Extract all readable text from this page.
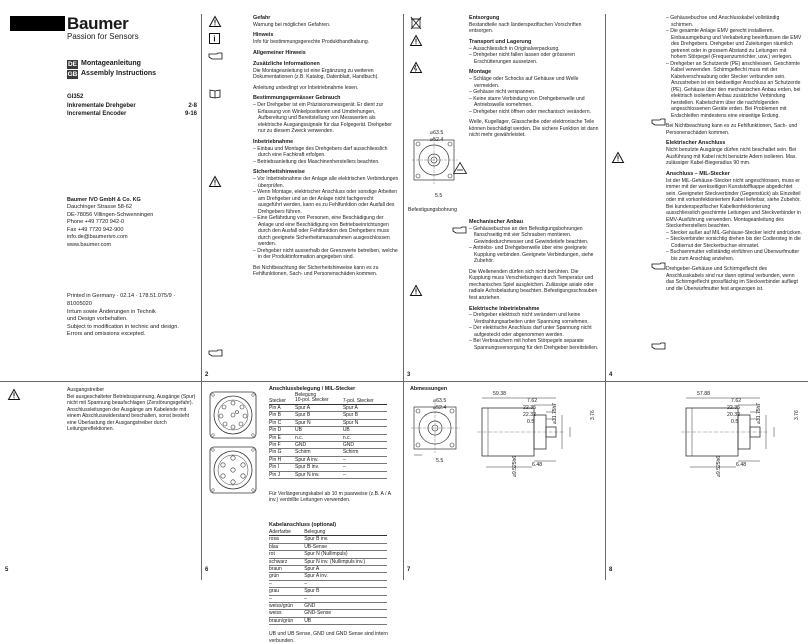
2	3	4
5	6	7	8
Baumer
Passion for Sensors
DE Montageanleitung
GB Assembly Instructions
GI352
Inkrementale Drehgeber	2-8
Incremental Encoder	9-16
Baumer IVO GmbH & Co. KG
Dauchinger Strasse 58-62
DE-78056 Villingen-Schwenningen
Phone +49 7720 942-0
Fax +49 7720 942-900
info.de@baumerivo.com
www.baumer.com
Printed in Germany · 02.14 · 178.51.075/9 · 81005020
Irrtum sowie Änderungen in Technik
und Design vorbehalten.
Subject to modification in technic and design.
Errors and omissions excepted.
Gefahr
Warnung bei möglichen Gefahren.
Hinweis
Info für bestimmungsgerechte Produkthandhabung.
Allgemeiner Hinweis
Zusätzliche Informationen
Die Montageanleitung ist eine Ergänzung zu weiteren Dokumentationen (z.B. Katalog, Datenblatt, Handbuch).
Anleitung unbedingt vor Inbetriebnahme lesen.
Bestimmungsgemässer Gebrauch
– Der Drehgeber ist ein Präzisionsmessgerät. Er dient zur Erfassung von Winkelpositionen und Umdrehungen, Aufbereitung und Bereitstellung von Messwerten als elektrische Ausgangssignale für das Folgegerät. Drehgeber nur zu diesem Zweck verwenden.
Inbetriebnahme
– Einbau und Montage des Drehgebers darf ausschliesslich durch eine Fachkraft erfolgen.
– Betriebsanleitung des Maschinenherstellers beachten.
Sicherheitshinweise
– Vor Inbetriebnahme der Anlage alle elektrischen Verbindungen überprüfen.
– Wenn Montage, elektrischer Anschluss oder sonstige Arbeiten am Drehgeber und an der Anlage nicht fachgerecht ausgeführt werden, kann es zu Fehlfunktion oder Ausfall des Drehgebers führen.
– Eine Gefährdung von Personen, eine Beschädigung der Anlage und eine Beschädigung von Betriebseinrichtungen durch den Ausfall oder Fehlfunktion des Drehgebers muss durch geeignete Sicherheitsmassnahmen ausgeschlossen werden.
– Drehgeber nicht ausserhalb der Grenzwerte betreiben, welche in der Produktinformation angegeben sind.
Bei Nichtbeachtung der Sicherheitshinweise kann es zu Fehlfunktionen, Sach- und Personenschäden kommen.
i
Entsorgung
Bestandteile nach länderspezifischen Vorschriften entsorgen.
Transport und Lagerung
– Ausschliesslich in Originalverpackung.
– Drehgeber nicht fallen lassen oder grösseren Erschütterungen aussetzen.
Montage
– Schläge oder Schocks auf Gehäuse und Welle vermeiden.
– Gehäuse nicht verspannen.
– Keine starre Verbindung von Drehgeberwelle und Antriebswelle vornehmen.
– Drehgeber nicht öffnen oder mechanisch verändern.
Welle, Kugellager, Glasscheibe oder elektronische Teile können beschädigt werden. Die sichere Funktion ist dann nicht mehr gewährleistet.
Mechanischer Anbau
– Gehäusebuchse an den Befestigungsbohrungen flanschseitig mit vier Schrauben montieren. Gewindedurchmesser und Gewindetiefe beachten.
– Antriebs- und Drehgeberwelle über eine geeignete Kupplung verbinden. Geeignete Verbindungen, siehe Zubehör.
Die Wellenenden dürfen sich nicht berühren. Die Kupplung muss Verschiebungen durch Temperatur und mechanisches Spiel ausgleichen. Zulässige axiale oder radiale Achsbelastung beachten. Befestigungsschrauben fest anziehen.
Elektrische Inbetriebnahme
– Drehgeber elektrisch nicht verändern und keine Verdrahtungsarbeiten unter Spannung vornehmen.
– Der elektrische Anschluss darf unter Spannung nicht aufgesteckt oder abgenommen werden.
– Bei Verbrauchern mit hohen Störpegeln separate Spannungsversorgung für den Drehgeber bereitstellen.
⌀63.5
⌀52.4
5.5
Befestigungsbohrung
– Gehäusebuchse und Anschlusskabel vollständig schirmen.
– Die gesamte Anlage EMV gerecht installieren. Einbauumgebung und Verkabelung beeinflussen die EMV des Drehgebers. Drehgeber und Zuleitungen räumlich getrennt oder in grossem Abstand zu Leitungen mit hohem Störpegel (Frequenzumrichter, usw.) verlegen.
– Drehgeber an Schutzerde (PE) anschliessen. Geschirmte Kabel verwenden. Schirmgeflecht muss mit der Kabelverschraubung oder Stecker verbunden sein. Anzustreben ist ein beidseitiger Anschluss an Schutzerde (PE). Gehäuse über den mechanischen Anbau erden, bei elektrisch isoliertem Anbau zusätzliche Verbindung herstellen. Kabelschirm über die nachfolgenden angeschlossenen Geräte erden. Bei Problemen mit Erdschleifen mindestens eine einseitige Erdung.
Bei Nichtbeachtung kann es zu Fehlfunktionen, Sach- und Personenschäden kommen.
Elektrischer Anschluss
Nicht benutzte Ausgänge dürfen nicht beschaltet sein. Bei Ausführung mit Kabel nicht benutzte Adern isolieren. Max. zulässiger Kabel-Biegeradius 90 mm.
Anschluss – MIL-Stecker
Ist der MIL-Gehäuse-Stecker nicht angeschlossen, muss er immer mit der werkseitigen Kunststoffkappe abgedichtet sein. Geeigneter Steckverbinder (Gegenstück) als Einzelteil oder mit vorkonfektioniertem Kabel lieferbar, siehe Zubehör. Bei kundenspezifischer Kabelkonfektionierung ausschliesslich geschirmte Leitungen und Steckverbinder in EMV-Ausführung verwenden. Montageanleitung des Steckerherstellers beachten.
– Stecker außer auf MIL-Gehäuse-Stecker leicht andrücken.
– Steckverbinder vorsichtig drehen bis der Codiersteg in die Codiernut der Steckerbuchse einrastet.
– Buchsenmutter vollständig einführen und Überwurfmutter bis zum Anschlag anziehen.
Drehgeber-Gehäuse und Schirmgeflecht des Anschlusskabels sind nur dann optimal verbunden, wenn das Schirmgeflecht grossflächig im Steckverbinder aufliegt und die Überwurfmutter fest angezogen ist.
Ausgangstreiber
Bei ausgeschalteter Betriebsspannung, Ausgänge (Spur) nicht mit Spannung beaufschlagen (Zerstörungsgefahr). Anschlussleitungen der Ausgänge am Kabelende mit einem Abschlusswiderstand beschalten, sonst besteht eine Überlastung der Ausgangstreiber durch Leitungsreflektionen.
Anschlussbelegung / MIL-Stecker
Stecker	Belegung
10-pol. Stecker	7-pol. Stecker
Pin A	Spur A	Spur A
Pin B	Spur B	Spur B
Pin C	Spur N	Spur N
Pin D	UB	UB
Pin E	n.c.	n.c.
Pin F	GND	GND
Pin G	Schirm	Schirm
Pin H	Spur A inv.	–
Pin I	Spur B inv.	–
Pin J	Spur N inv.	–
Für Verlängerungskabel ab 10 m paarweise (z.B. A / A inv.) verdrillte Leitungen verwenden.
Kabelanschluss (optional)
Aderfarbe	Belegung
rosa	Spur B inv.
blau	UB-Sense
rot	Spur N (Nullimpuls)
schwarz	Spur N inv. (Nullimpuls inv.)
braun	Spur A
grün	Spur A inv.
–	–
grau	Spur B
–	–
weiss/grün	GND
weiss	GND-Sense
braun/grün	UB
UB und UB Sense, GND und GND Sense sind intern verbunden.
Abmessungen
⌀63.5
⌀52.4
5.5
59.38
7.62
22.35
22.32
0.5
6.48
⌀31.75h7
⌀9.525h6
3.76
57.88
7.62
22.35
20.32
0.5
6.48
⌀31.75h7
⌀9.525h6
3.76
